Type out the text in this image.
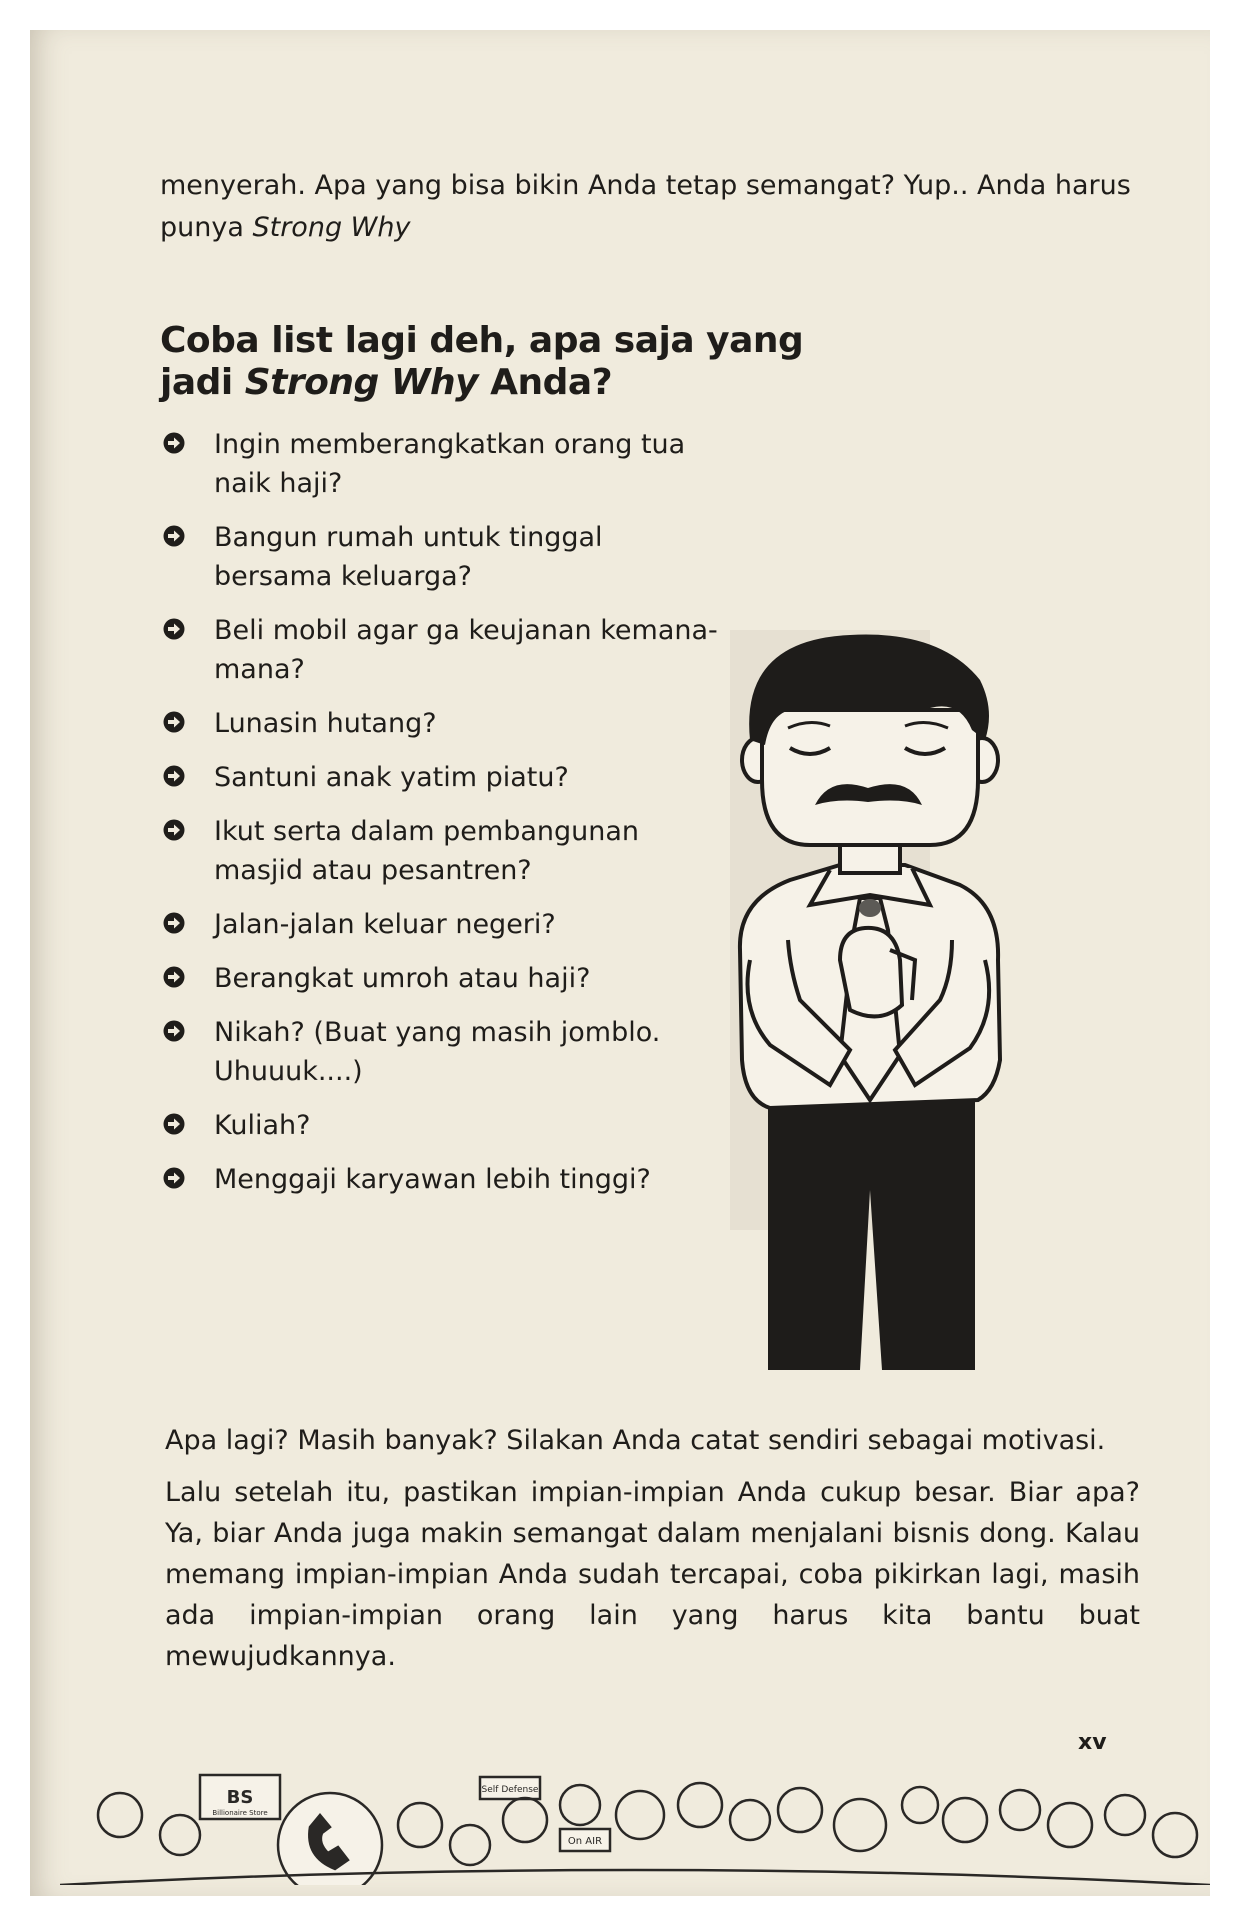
menyerah. Apa yang bisa bikin Anda tetap semangat? Yup.. Anda harus
punya Strong Why
Coba list lagi deh, apa saja yang
jadi Strong Why Anda?
Ingin memberangkatkan orang tua naik haji?
Bangun rumah untuk tinggal bersama keluarga?
Beli mobil agar ga keujanan kemana-mana?
Lunasin hutang?
Santuni anak yatim piatu?
Ikut serta dalam pembangunan masjid atau pesantren?
Jalan-jalan keluar negeri?
Berangkat umroh atau haji?
Nikah? (Buat yang masih jomblo. Uhuuuk....)
Kuliah?
Menggaji karyawan lebih tinggi?
Apa lagi? Masih banyak? Silakan Anda catat sendiri sebagai motivasi.
Lalu setelah itu, pastikan impian-impian Anda cukup besar. Biar apa? Ya, biar Anda juga makin semangat dalam menjalani bisnis dong. Kalau memang impian-impian Anda sudah tercapai, coba pikirkan lagi, masih ada impian-impian orang lain yang harus kita bantu buat mewujudkannya.
xv
BS
Billionaire Store
Self Defense
On AIR
